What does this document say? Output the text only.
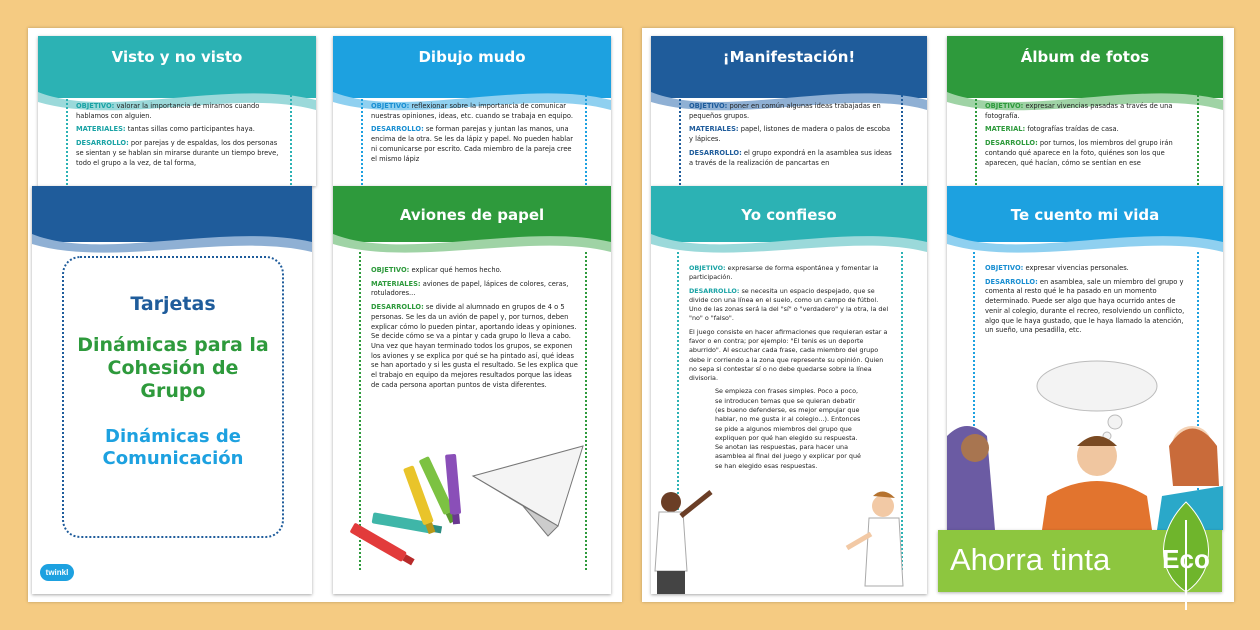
Visto y no visto

OBJETIVO: valorar la importancia de mirarnos cuando hablamos con alguien.

MATERIALES: tantas sillas como participantes haya.

DESARROLLO: por parejas y de espaldas, los dos personas se sientan y se hablan sin mirarse durante un tiempo breve, todo el grupo a la vez, de tal forma,

Dibujo mudo

OBJETIVO: reflexionar sobre la importancia de comunicar nuestras opiniones, ideas, etc. cuando se trabaja en equipo.

DESARROLLO: se forman parejas y juntan las manos, una encima de la otra. Se les da lápiz y papel. No pueden hablar ni comunicarse por escrito. Cada miembro de la pareja cree el mismo lápiz

¡Manifestación!

OBJETIVO: poner en común algunas ideas trabajadas en pequeños grupos.

MATERIALES: papel, listones de madera o palos de escoba y lápices.

DESARROLLO: el grupo expondrá en la asamblea sus ideas a través de la realización de pancartas en

Álbum de fotos

OBJETIVO: expresar vivencias pasadas a través de una fotografía.

MATERIAL: fotografías traídas de casa.

DESARROLLO: por turnos, los miembros del grupo irán contando qué aparece en la foto, quiénes son los que aparecen, qué hacían, cómo se sentían en ese

Tarjetas
Dinámicas para la Cohesión de Grupo
Dinámicas de Comunicación
twinkl
Aviones de papel

OBJETIVO: explicar qué hemos hecho.

MATERIALES: aviones de papel, lápices de colores, ceras, rotuladores...

DESARROLLO: se divide al alumnado en grupos de 4 o 5 personas. Se les da un avión de papel y, por turnos, deben explicar cómo lo pueden pintar, aportando ideas y opiniones. Se decide cómo se va a pintar y cada grupo lo lleva a cabo. Una vez que hayan terminado todos los grupos, se exponen los aviones y se explica por qué se ha pintado así, qué ideas se han aportado y si les gusta el resultado. Se les explica que el trabajo en equipo da mejores resultados porque las ideas de cada persona aportan puntos de vista diferentes.

Yo confieso

OBJETIVO: expresarse de forma espontánea y fomentar la participación.

DESARROLLO: se necesita un espacio despejado, que se divide con una línea en el suelo, como un campo de fútbol. Uno de las zonas será la del "sí" o "verdadero" y la otra, la del "no" o "falso".

El juego consiste en hacer afirmaciones que requieran estar a favor o en contra; por ejemplo: "El tenis es un deporte aburrido". Al escuchar cada frase, cada miembro del grupo debe ir corriendo a la zona que represente su opinión. Quien no sepa si contestar sí o no debe quedarse sobre la línea divisoria.

Se empieza con frases simples. Poco a poco, se introducen temas que se quieran debatir (es bueno defenderse, es mejor empujar que hablar, no me gusta ir al colegio...). Entonces se pide a algunos miembros del grupo que expliquen por qué han elegido su respuesta. Se anotan las respuestas, para hacer una asamblea al final del juego y explicar por qué se han elegido esas respuestas.

Te cuento mi vida

OBJETIVO: expresar vivencias personales.

DESARROLLO: en asamblea, sale un miembro del grupo y comenta al resto qué le ha pasado en un momento determinado. Puede ser algo que haya ocurrido antes de venir al colegio, durante el recreo, resolviendo un conflicto, algo que le haya gustado, que le haya llamado la atención, un sueño, una pesadilla, etc.

Ahorra tinta Eco
